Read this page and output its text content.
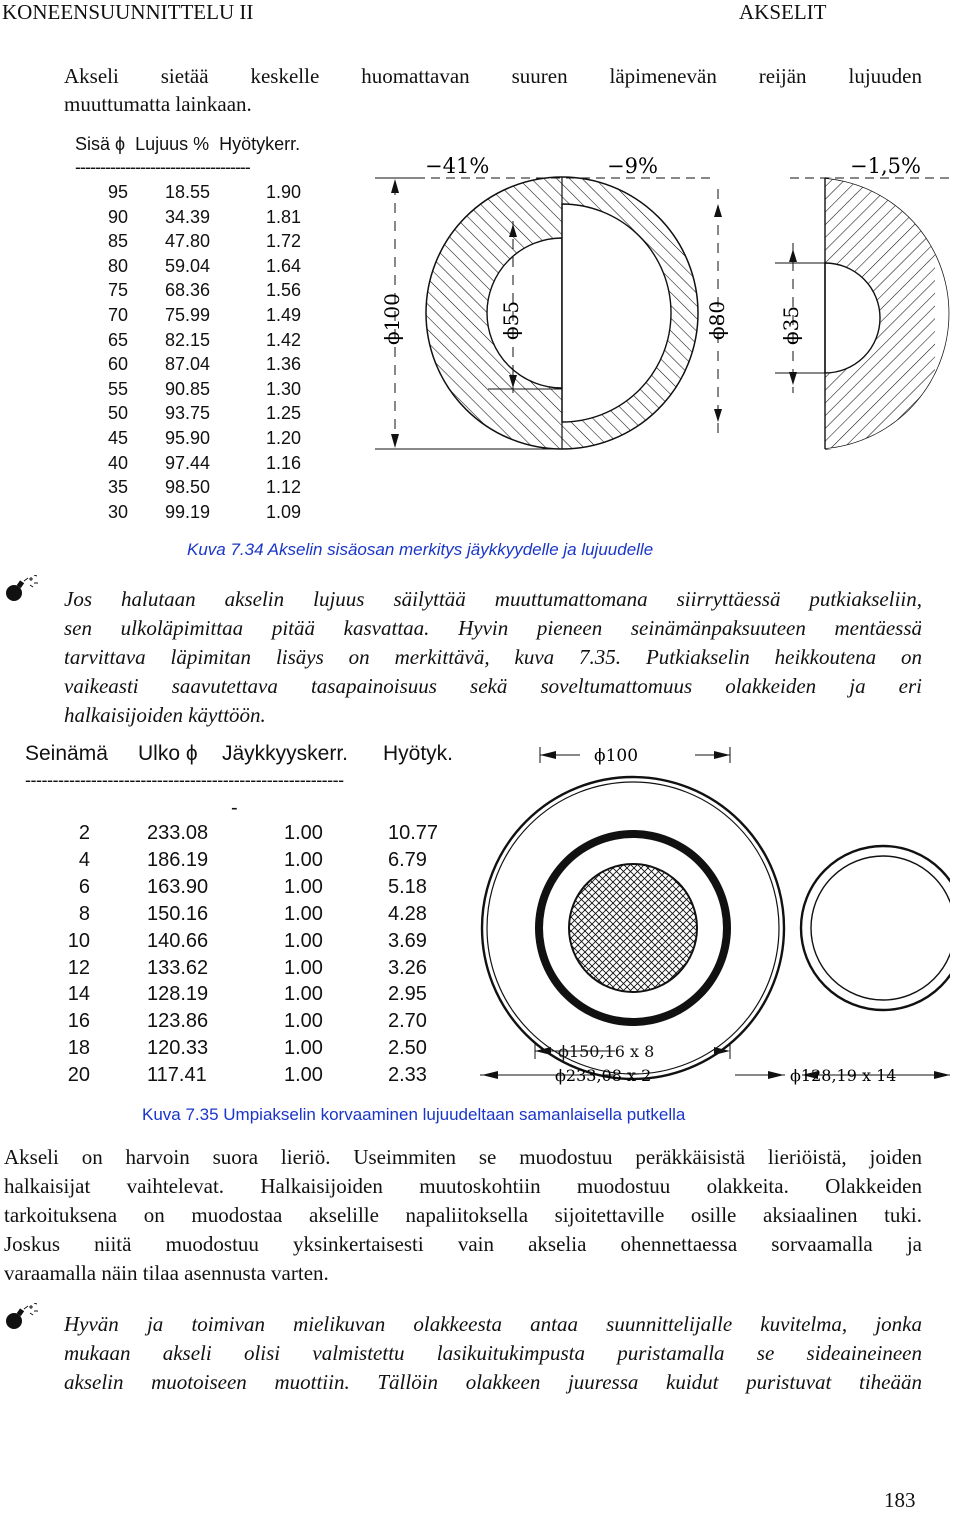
KONEENSUUNNITTELU II	AKSELIT
Akseli sietää keskelle huomattavan suuren läpimenevän reijän lujuuden
muuttumatta lainkaan.
Sisä ϕ  Lujuus %  Hyötykerr.
-----------------------------------
95 18.55	1.90
90 34.39	1.81
85 47.80	1.72
80 59.04	1.64
75 68.36	1.56
70 75.99	1.49
65 82.15	1.42
60 87.04	1.36
55 90.85	1.30
50 93.75	1.25
45 95.90	1.20
40 97.44	1.16
35 98.50	1.12
30 99.19	1.09
−41%	−9%	−1,5%
ϕ100	ϕ55	ϕ80	ϕ35
Kuva 7.34 Akselin sisäosan merkitys jäykkyydelle ja lujuudelle
Jos halutaan akselin lujuus säilyttää muuttumattomana siirryttäessä putkiakseliin,
sen ulkoläpimittaa pitää kasvattaa. Hyvin pieneen seinämänpaksuuteen mentäessä
tarvittava läpimitan lisäys on merkittävä, kuva 7.35. Putkiakselin heikkoutena on
vaikeasti saavutettava tasapainoisuus sekä soveltumattomuus olakkeiden ja eri
halkaisijoiden käyttöön.
Seinämä Ulko ϕ Jäykkyyskerr. Hyötyk.
----------------------------------------------------------
-
2	233.08	1.00	10.77
4	186.19	1.00	6.79
6	163.90	1.00	5.18
8	150.16	1.00	4.28
10	140.66	1.00	3.69
12	133.62	1.00	3.26
14	128.19	1.00	2.95
16	123.86	1.00	2.70
18	120.33	1.00	2.50
20	117.41	1.00	2.33
ϕ100
ϕ150,16 x 8
ϕ233,08 x 2	ϕ128,19 x 14
Kuva 7.35 Umpiakselin korvaaminen lujuudeltaan samanlaisella putkella
Akseli on harvoin suora lieriö. Useimmiten se muodostuu peräkkäisistä lieriöistä, joiden
halkaisijat vaihtelevat. Halkaisijoiden muutoskohtiin muodostuu olakkeita. Olakkeiden
tarkoituksena on muodostaa akselille napaliitoksella sijoitettaville osille aksiaalinen tuki.
Joskus niitä muodostuu yksinkertaisesti vain akselia ohennettaessa sorvaamalla ja
varaamalla näin tilaa asennusta varten.
Hyvän ja toimivan mielikuvan olakkeesta antaa suunnittelijalle kuvitelma, jonka
mukaan akseli olisi valmistettu lasikuitukimpusta puristamalla se sideaineineen
akselin muotoiseen muottiin. Tällöin olakkeen juuressa kuidut puristuvat tiheään
183
